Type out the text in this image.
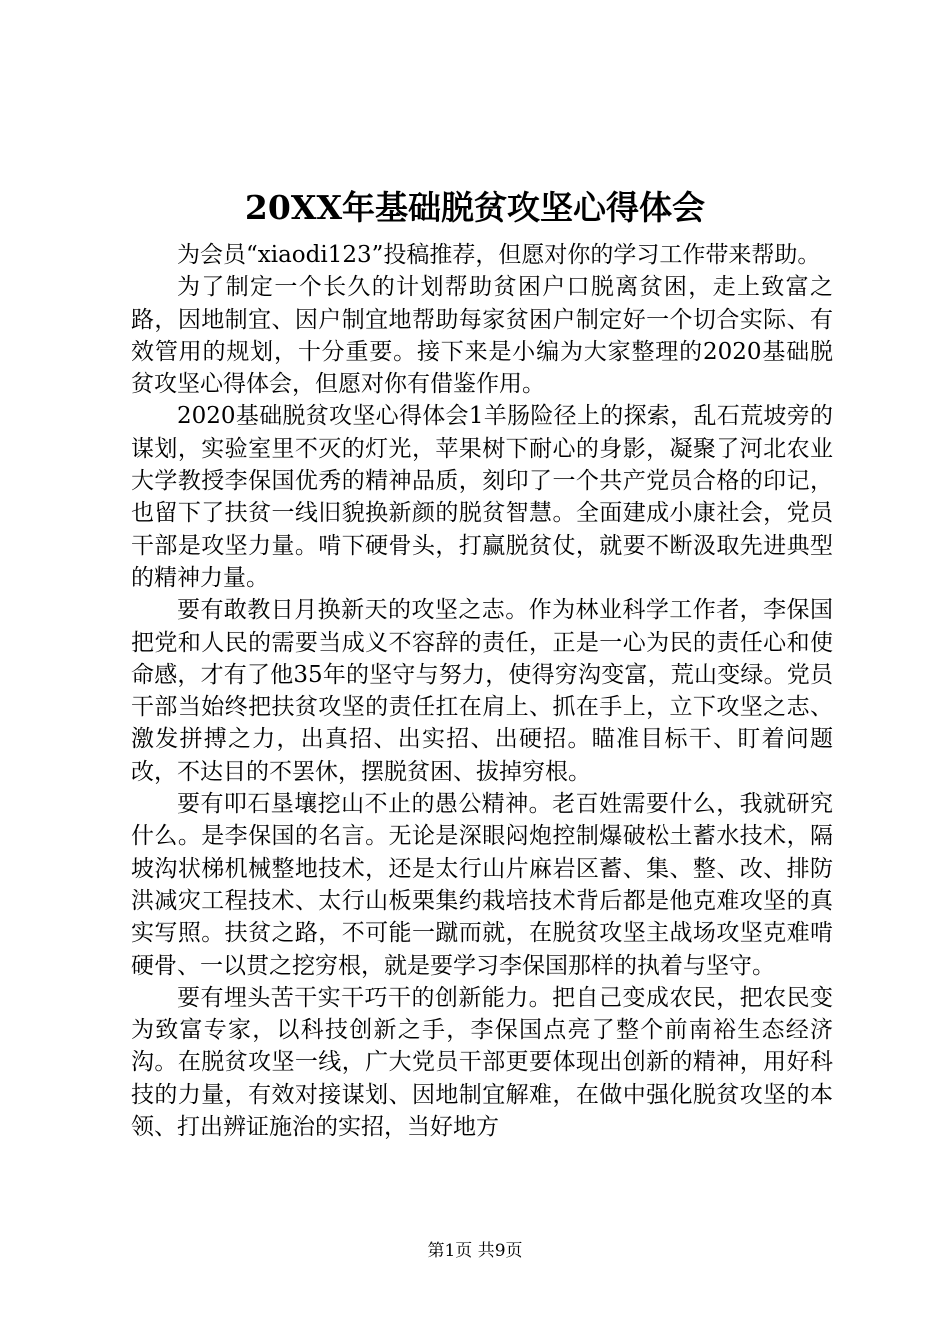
20XX年基础脱贫攻坚心得体会

为会员“xiaodi123”投稿推荐，但愿对你的学习工作带来帮助。

为了制定一个长久的计划帮助贫困户口脱离贫困，走上致富之路，因地制宜、因户制宜地帮助每家贫困户制定好一个切合实际、有效管用的规划，十分重要。接下来是小编为大家整理的2020基础脱贫攻坚心得体会，但愿对你有借鉴作用。

2020基础脱贫攻坚心得体会1羊肠险径上的探索，乱石荒坡旁的谋划，实验室里不灭的灯光，苹果树下耐心的身影，凝聚了河北农业大学教授李保国优秀的精神品质，刻印了一个共产党员合格的印记，也留下了扶贫一线旧貌换新颜的脱贫智慧。全面建成小康社会，党员干部是攻坚力量。啃下硬骨头，打赢脱贫仗，就要不断汲取先进典型的精神力量。

要有敢教日月换新天的攻坚之志。作为林业科学工作者，李保国把党和人民的需要当成义不容辞的责任，正是一心为民的责任心和使命感，才有了他35年的坚守与努力，使得穷沟变富，荒山变绿。党员干部当始终把扶贫攻坚的责任扛在肩上、抓在手上，立下攻坚之志、激发拼搏之力，出真招、出实招、出硬招。瞄准目标干、盯着问题改，不达目的不罢休，摆脱贫困、拔掉穷根。

要有叩石垦壤挖山不止的愚公精神。老百姓需要什么，我就研究什么。是李保国的名言。无论是深眼闷炮控制爆破松土蓄水技术，隔坡沟状梯机械整地技术，还是太行山片麻岩区蓄、集、整、改、排防洪减灾工程技术、太行山板栗集约栽培技术背后都是他克难攻坚的真实写照。扶贫之路，不可能一蹴而就，在脱贫攻坚主战场攻坚克难啃硬骨、一以贯之挖穷根，就是要学习李保国那样的执着与坚守。

要有埋头苦干实干巧干的创新能力。把自己变成农民，把农民变为致富专家，以科技创新之手，李保国点亮了整个前南裕生态经济沟。在脱贫攻坚一线，广大党员干部更要体现出创新的精神，用好科技的力量，有效对接谋划、因地制宜解难，在做中强化脱贫攻坚的本领、打出辨证施治的实招，当好地方

第1页 共9页
